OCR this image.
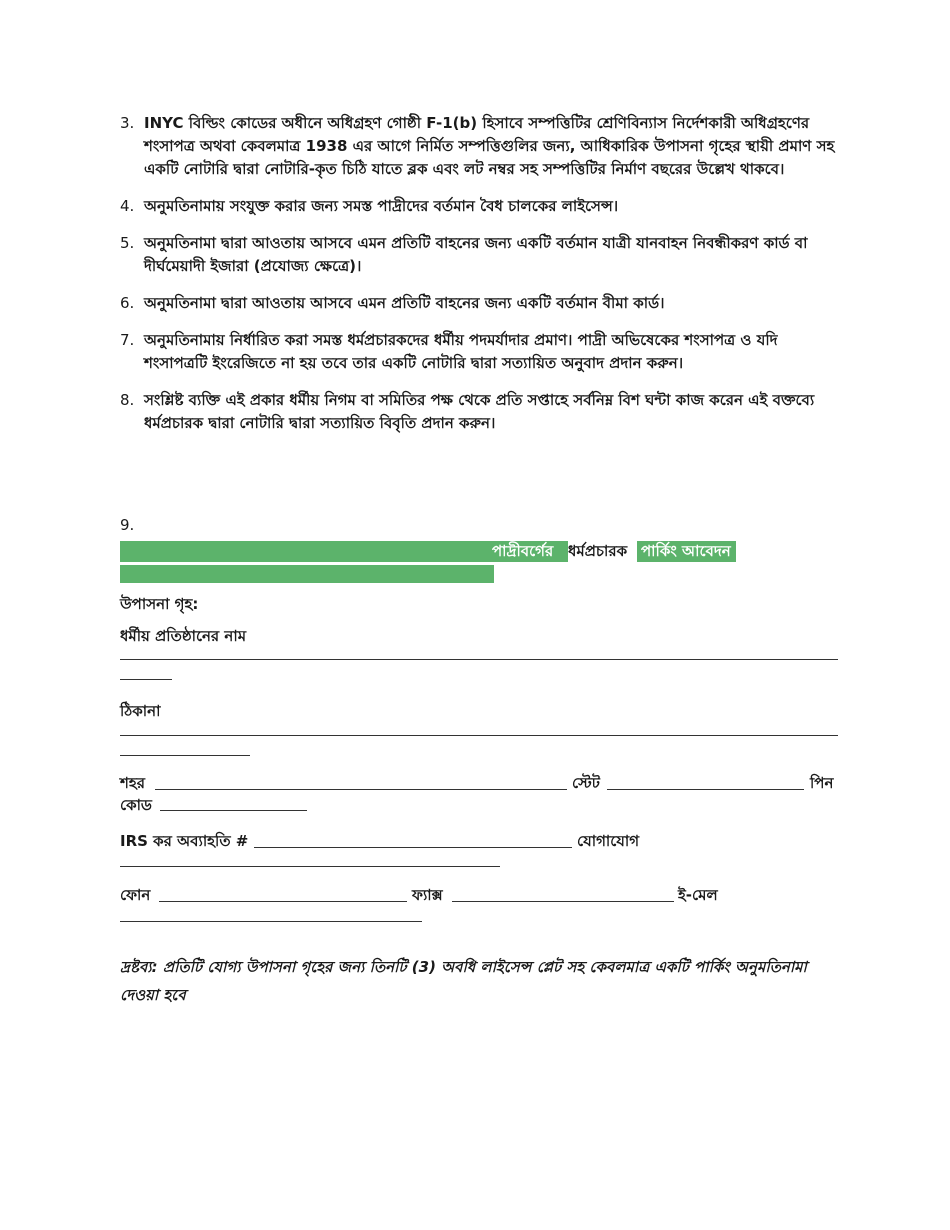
3. INYC বিল্ডিং কোডের অধীনে অধিগ্রহণ গোষ্ঠী F-1(b) হিসাবে সম্পত্তিটির শ্রেণিবিন্যাস নির্দেশকারী অধিগ্রহণের শংসাপত্র অথবা কেবলমাত্র 1938 এর আগে নির্মিত সম্পত্তিগুলির জন্য, আধিকারিক উপাসনা গৃহের স্থায়ী প্রমাণ সহ একটি নোটারি দ্বারা নোটারি-কৃত চিঠি যাতে ব্লক এবং লট নম্বর সহ সম্পত্তিটির নির্মাণ বছরের উল্লেখ থাকবে।
4. অনুমতিনামায় সংযুক্ত করার জন্য সমস্ত পাদ্রীদের বর্তমান বৈধ চালকের লাইসেন্স।
5. অনুমতিনামা দ্বারা আওতায় আসবে এমন প্রতিটি বাহনের জন্য একটি বর্তমান যাত্রী যানবাহন নিবন্ধীকরণ কার্ড বা দীর্ঘমেয়াদী ইজারা (প্রযোজ্য ক্ষেত্রে)।
6. অনুমতিনামা দ্বারা আওতায় আসবে এমন প্রতিটি বাহনের জন্য একটি বর্তমান বীমা কার্ড।
7. অনুমতিনামায় নির্ধারিত করা সমস্ত ধর্মপ্রচারকদের ধর্মীয় পদমর্যাদার প্রমাণ। পাদ্রী অভিষেকের শংসাপত্র ও যদি শংসাপত্রটি ইংরেজিতে না হয় তবে তার একটি নোটারি দ্বারা সত্যায়িত অনুবাদ প্রদান করুন।
8. সংশ্লিষ্ট ব্যক্তি এই প্রকার ধর্মীয় নিগম বা সমিতির পক্ষ থেকে প্রতি সপ্তাহে সর্বনিম্ন বিশ ঘন্টা কাজ করেন এই বক্তব্যে ধর্মপ্রচারক দ্বারা নোটারি দ্বারা সত্যায়িত বিবৃতি প্রদান করুন।
9.
পাদ্রীবর্গের ধর্মপ্রচারক পার্কিং আবেদন
উপাসনা গৃহ:
ধর্মীয় প্রতিষ্ঠানের নাম
ঠিকানা
শহর	স্টেট	পিন
কোড
IRS কর অব্যাহতি #	যোগাযোগ
ফোন	ফ্যাক্স	ই-মেল
দ্রষ্টব্য: প্রতিটি যোগ্য উপাসনা গৃহের জন্য তিনটি (3) অবধি লাইসেন্স প্লেট সহ কেবলমাত্র একটি পার্কিং অনুমতিনামা দেওয়া হবে
